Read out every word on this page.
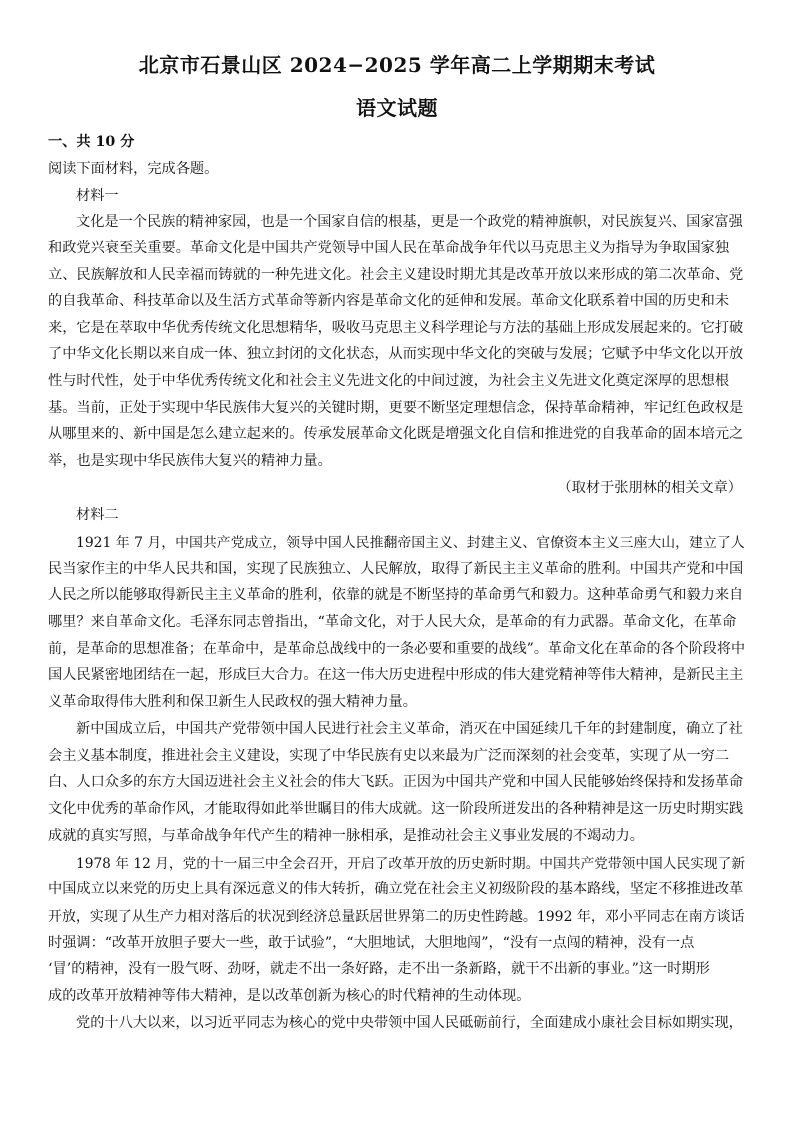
北京市石景山区 2024−2025 学年高二上学期期末考试
语文试题
一、共 10 分
阅读下面材料，完成各题。
材料一
文化是一个民族的精神家园，也是一个国家自信的根基，更是一个政党的精神旗帜，对民族复兴、国家富强
和政党兴衰至关重要。革命文化是中国共产党领导中国人民在革命战争年代以马克思主义为指导为争取国家独
立、民族解放和人民幸福而铸就的一种先进文化。社会主义建设时期尤其是改革开放以来形成的第二次革命、党
的自我革命、科技革命以及生活方式革命等新内容是革命文化的延伸和发展。革命文化联系着中国的历史和未
来，它是在萃取中华优秀传统文化思想精华，吸收马克思主义科学理论与方法的基础上形成发展起来的。它打破
了中华文化长期以来自成一体、独立封闭的文化状态，从而实现中华文化的突破与发展；它赋予中华文化以开放
性与时代性，处于中华优秀传统文化和社会主义先进文化的中间过渡，为社会主义先进文化奠定深厚的思想根
基。当前，正处于实现中华民族伟大复兴的关键时期，更要不断坚定理想信念，保持革命精神，牢记红色政权是
从哪里来的、新中国是怎么建立起来的。传承发展革命文化既是增强文化自信和推进党的自我革命的固本培元之
举，也是实现中华民族伟大复兴的精神力量。
（取材于张朋林的相关文章）
材料二
1921 年 7 月，中国共产党成立，领导中国人民推翻帝国主义、封建主义、官僚资本主义三座大山，建立了人
民当家作主的中华人民共和国，实现了民族独立、人民解放，取得了新民主主义革命的胜利。中国共产党和中国
人民之所以能够取得新民主主义革命的胜利，依靠的就是不断坚持的革命勇气和毅力。这种革命勇气和毅力来自
哪里？来自革命文化。毛泽东同志曾指出，“革命文化，对于人民大众，是革命的有力武器。革命文化，在革命
前，是革命的思想准备；在革命中，是革命总战线中的一条必要和重要的战线”。革命文化在革命的各个阶段将中
国人民紧密地团结在一起，形成巨大合力。在这一伟大历史进程中形成的伟大建党精神等伟大精神，是新民主主
义革命取得伟大胜利和保卫新生人民政权的强大精神力量。
新中国成立后，中国共产党带领中国人民进行社会主义革命，消灭在中国延续几千年的封建制度，确立了社
会主义基本制度，推进社会主义建设，实现了中华民族有史以来最为广泛而深刻的社会变革，实现了从一穷二
白、人口众多的东方大国迈进社会主义社会的伟大飞跃。正因为中国共产党和中国人民能够始终保持和发扬革命
文化中优秀的革命作风，才能取得如此举世瞩目的伟大成就。这一阶段所迸发出的各种精神是这一历史时期实践
成就的真实写照，与革命战争年代产生的精神一脉相承，是推动社会主义事业发展的不竭动力。
1978 年 12 月，党的十一届三中全会召开，开启了改革开放的历史新时期。中国共产党带领中国人民实现了新
中国成立以来党的历史上具有深远意义的伟大转折，确立党在社会主义初级阶段的基本路线，坚定不移推进改革
开放，实现了从生产力相对落后的状况到经济总量跃居世界第二的历史性跨越。1992 年，邓小平同志在南方谈话
时强调：“改革开放胆子要大一些，敢于试验”，“大胆地试，大胆地闯”，“没有一点闯的精神，没有一点
‘冒’的精神，没有一股气呀、劲呀，就走不出一条好路，走不出一条新路，就干不出新的事业。”这一时期形
成的改革开放精神等伟大精神，是以改革创新为核心的时代精神的生动体现。
党的十八大以来，以习近平同志为核心的党中央带领中国人民砥砺前行，全面建成小康社会目标如期实现，
